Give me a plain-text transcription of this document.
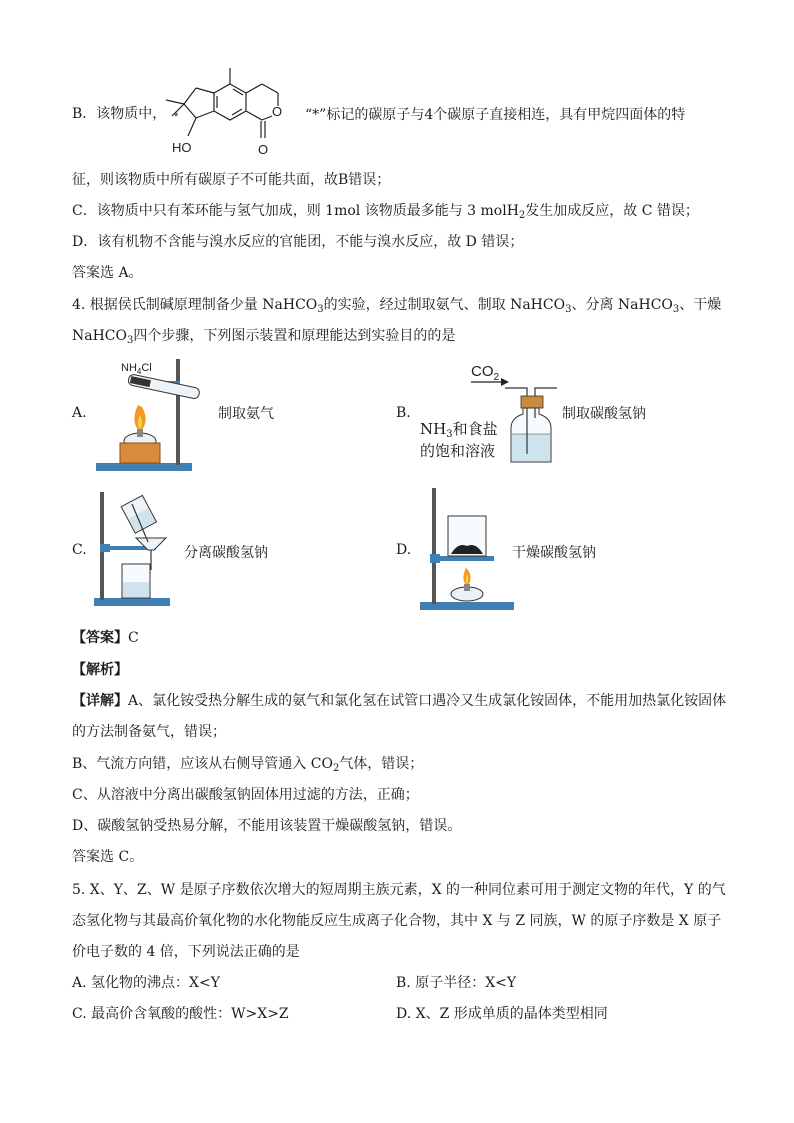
B．该物质中， *
HO
O
O
“*”标记的碳原子与4个碳原子直接相连，具有甲烷四面体的特
征，则该物质中所有碳原子不可能共面，故B错误；
C．该物质中只有苯环能与氢气加成，则 1mol 该物质最多能与 3 molH$_2$发生加成反应，故 C 错误；
D．该有机物不含能与溴水反应的官能团，不能与溴水反应，故 D 错误；
答案选 A。
4. 根据侯氏制碱原理制备少量 NaHCO$_3$的实验，经过制取氨气、制取 NaHCO$_3$、分离 NaHCO$_3$、干燥
NaHCO$_3$四个步骤，下列图示装置和原理能达到实验目的的是
A.
$NH_4Cl$
制取氨气	B.
$CO_2$
$NH_3$和食盐
的饱和溶液
制取碳酸氢钠
C.	分离碳酸氢钠	D.	干燥碳酸氢钠
【答案】C
【解析】
【详解】A、氯化铵受热分解生成的氨气和氯化氢在试管口遇冷又生成氯化铵固体，不能用加热氯化铵固体
的方法制备氨气，错误；
B、气流方向错，应该从右侧导管通入 $CO_2$气体，错误；
C、从溶液中分离出碳酸氢钠固体用过滤的方法，正确；
D、碳酸氢钠受热易分解，不能用该装置干燥碳酸氢钠，错误。
答案选 C。
5. X、Y、Z、W 是原子序数依次增大的短周期主族元素，X 的一种同位素可用于测定文物的年代，Y 的气
态氢化物与其最高价氧化物的水化物能反应生成离子化合物，其中 X 与 Z 同族，W 的原子序数是 X 原子
价电子数的 4 倍，下列说法正确的是
A. 氢化物的沸点：X<Y	B. 原子半径：X<Y
C. 最高价含氧酸的酸性：W>X>Z	D. X、Z 形成单质的晶体类型相同
